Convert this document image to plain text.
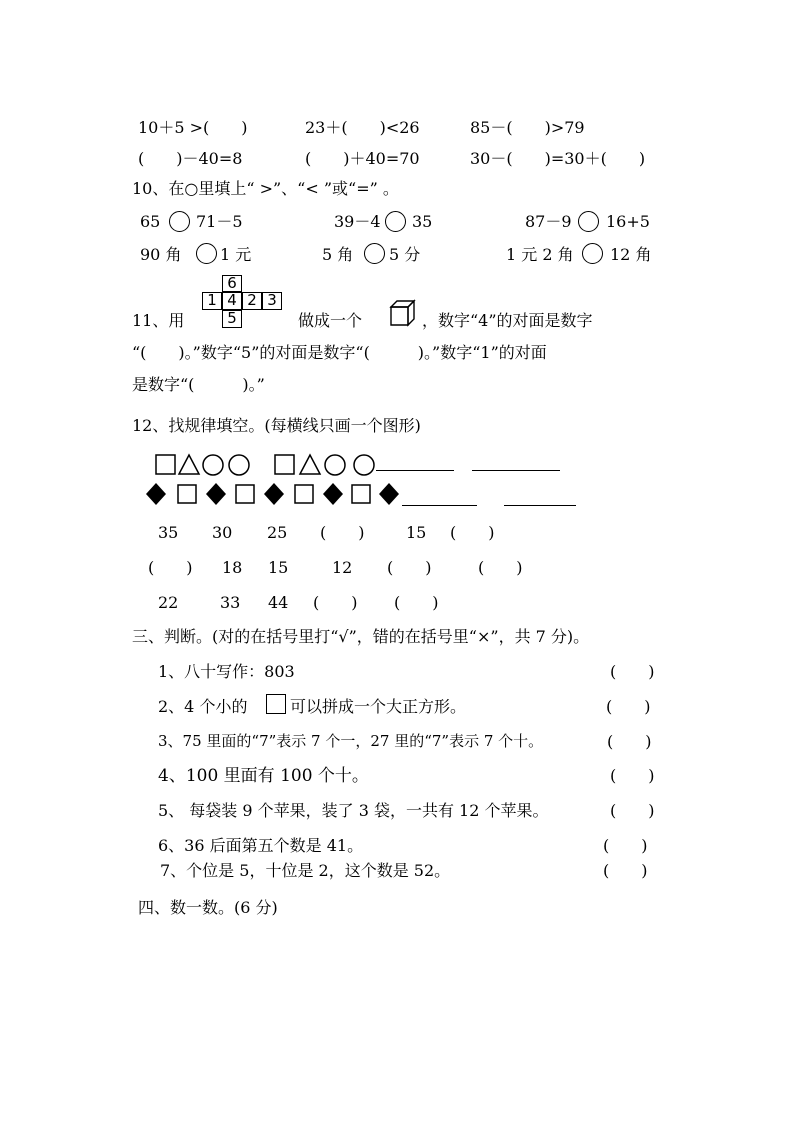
10＋5 >(　　)	23＋(　　)<26	85－(　　)>79
(　　)－40=8	(　　)＋40=70	30－(　　)=30＋(　　)
10、在○里填上“ >”、“< ”或“=” 。
65 71－5	39－4 35	87－9 16+5
90 角 1 元	5 角 5 分	1 元 2 角 12 角
11、用
6
1 4 2 3
5	做成一个	，数字“4”的对面是数字
“(　　)。”数字“5”的对面是数字“(　　　)。”数字“1”的对面
是数字“(　　　)。”
12、找规律填空。(每横线只画一个图形)
35 30 25 (　　)	15 (　　)
(　　) 18 15	12 (　　)	(　　)
22	33 44 (　　) (　　)
三、判断。(对的在括号里打“√”，错的在括号里“×”，共 7 分)。
1、八十写作：803	(　　)
2、4 个小的	可以拼成一个大正方形。	(　　)
3、75 里面的“7”表示 7 个一，27 里的“7”表示 7 个十。	(　　)
4、100 里面有 100 个十。	(　　)
5、 每袋装 9 个苹果，装了 3 袋，一共有 12 个苹果。	(　　)
6、36 后面第五个数是 41。	(　　)
7、个位是 5，十位是 2，这个数是 52。	(　　)
四、数一数。(6 分)
